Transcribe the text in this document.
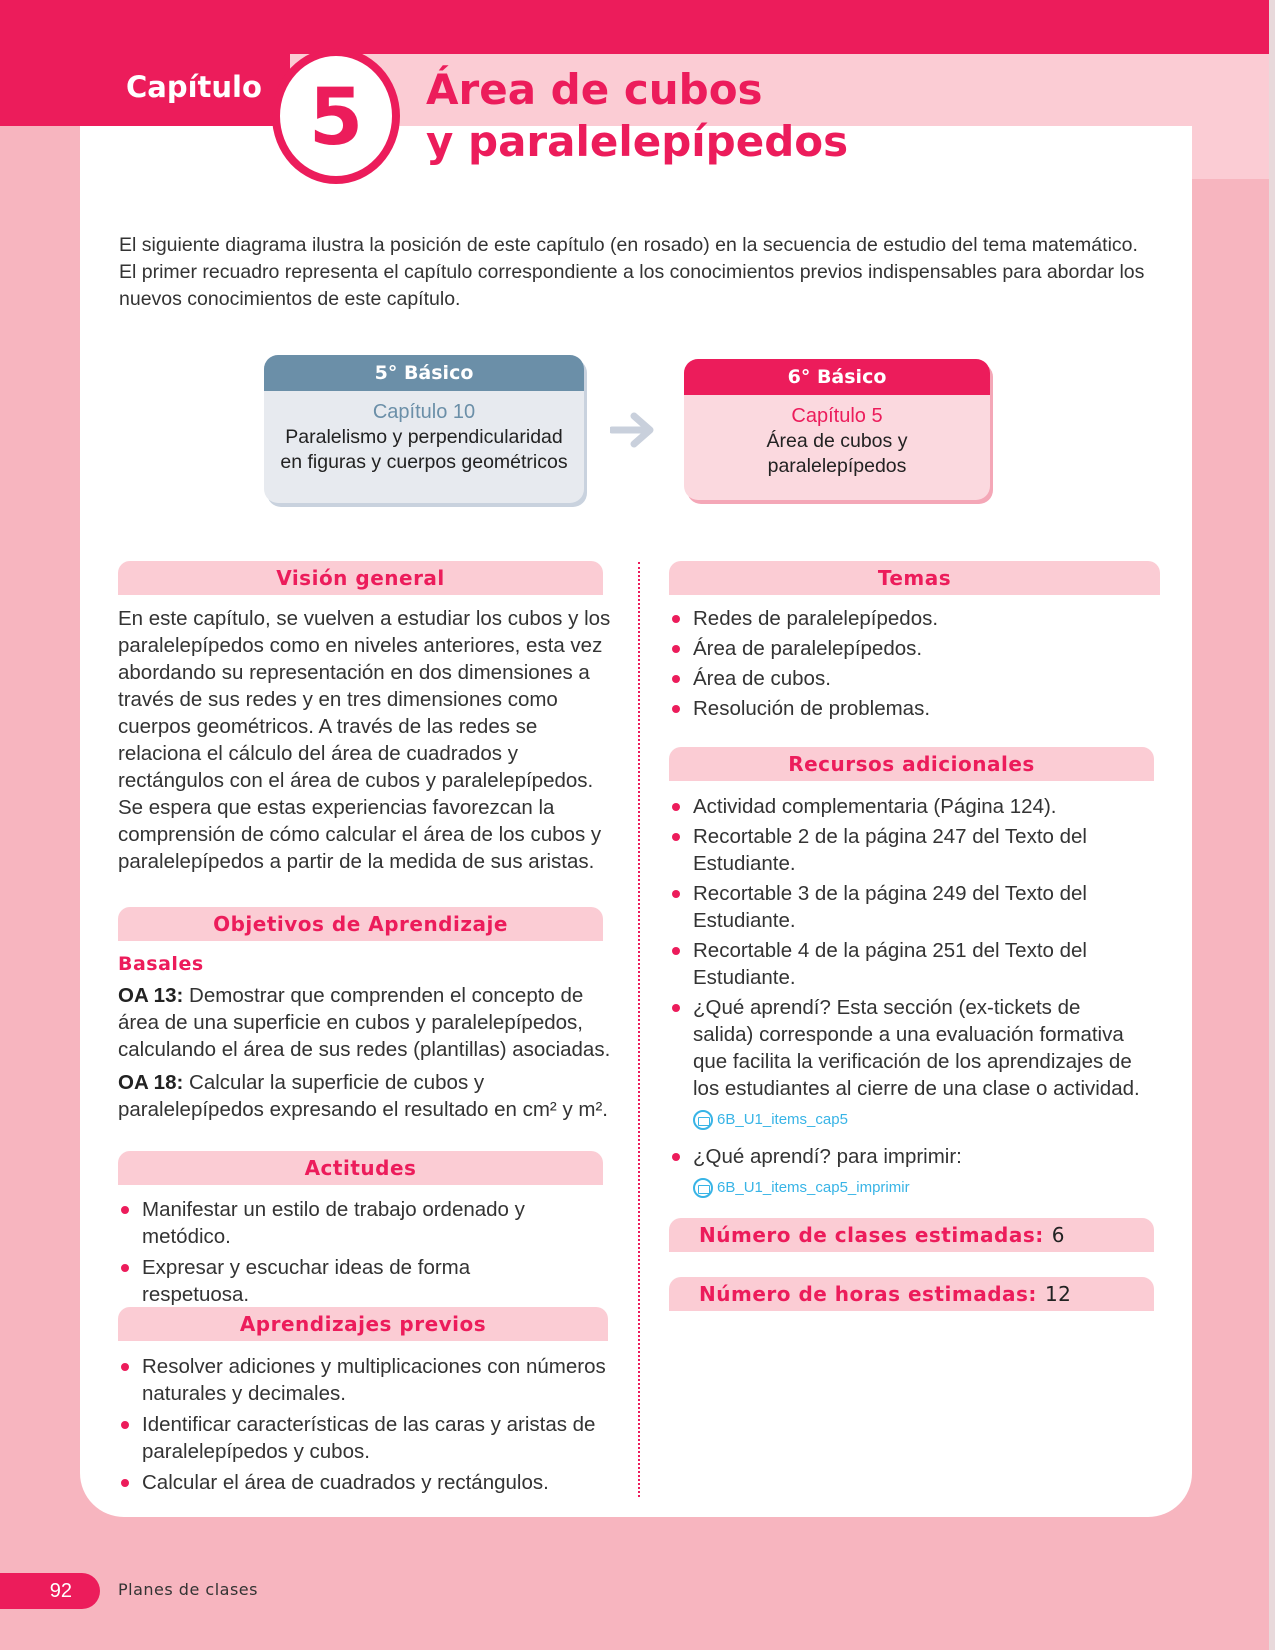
Capítulo 5 Área de cubos
y paralelepípedos

El siguiente diagrama ilustra la posición de este capítulo (en rosado) en la secuencia de estudio del tema matemático. El primer recuadro representa el capítulo correspondiente a los conocimientos previos indispensables para abordar los nuevos conocimientos de este capítulo.

5° Básico
Capítulo 10
Paralelismo y perpendicularidad
en figuras y cuerpos geométricos
6° Básico
Capítulo 5
Área de cubos y
paralelepípedos
Visión general

En este capítulo, se vuelven a estudiar los cubos y los paralelepípedos como en niveles anteriores, esta vez abordando su representación en dos dimensiones a través de sus redes y en tres dimensiones como cuerpos geométricos. A través de las redes se relaciona el cálculo del área de cuadrados y rectángulos con el área de cubos y paralelepípedos. Se espera que estas experiencias favorezcan la comprensión de cómo calcular el área de los cubos y paralelepípedos a partir de la medida de sus aristas.

Objetivos de Aprendizaje
Basales

OA 13: Demostrar que comprenden el concepto de área de una superficie en cubos y paralelepípedos, calculando el área de sus redes (plantillas) asociadas.

OA 18: Calcular la superficie de cubos y paralelepípedos expresando el resultado en cm² y m².

Actitudes
Manifestar un estilo de trabajo ordenado y metódico.
Expresar y escuchar ideas de forma respetuosa.
Aprendizajes previos
Resolver adiciones y multiplicaciones con números naturales y decimales.
Identificar características de las caras y aristas de paralelepípedos y cubos.
Calcular el área de cuadrados y rectángulos.
Temas
Redes de paralelepípedos.
Área de paralelepípedos.
Área de cubos.
Resolución de problemas.
Recursos adicionales
Actividad complementaria (Página 124).
Recortable 2 de la página 247 del Texto del Estudiante.
Recortable 3 de la página 249 del Texto del Estudiante.
Recortable 4 de la página 251 del Texto del Estudiante.
¿Qué aprendí? Esta sección (ex-tickets de salida) corresponde a una evaluación formativa que facilita la verificación de los aprendizajes de los estudiantes al cierre de una clase o actividad.
6B_U1_items_cap5
¿Qué aprendí? para imprimir:
6B_U1_items_cap5_imprimir
Número de clases estimadas: 6
Número de horas estimadas: 12
92	Planes de clases
